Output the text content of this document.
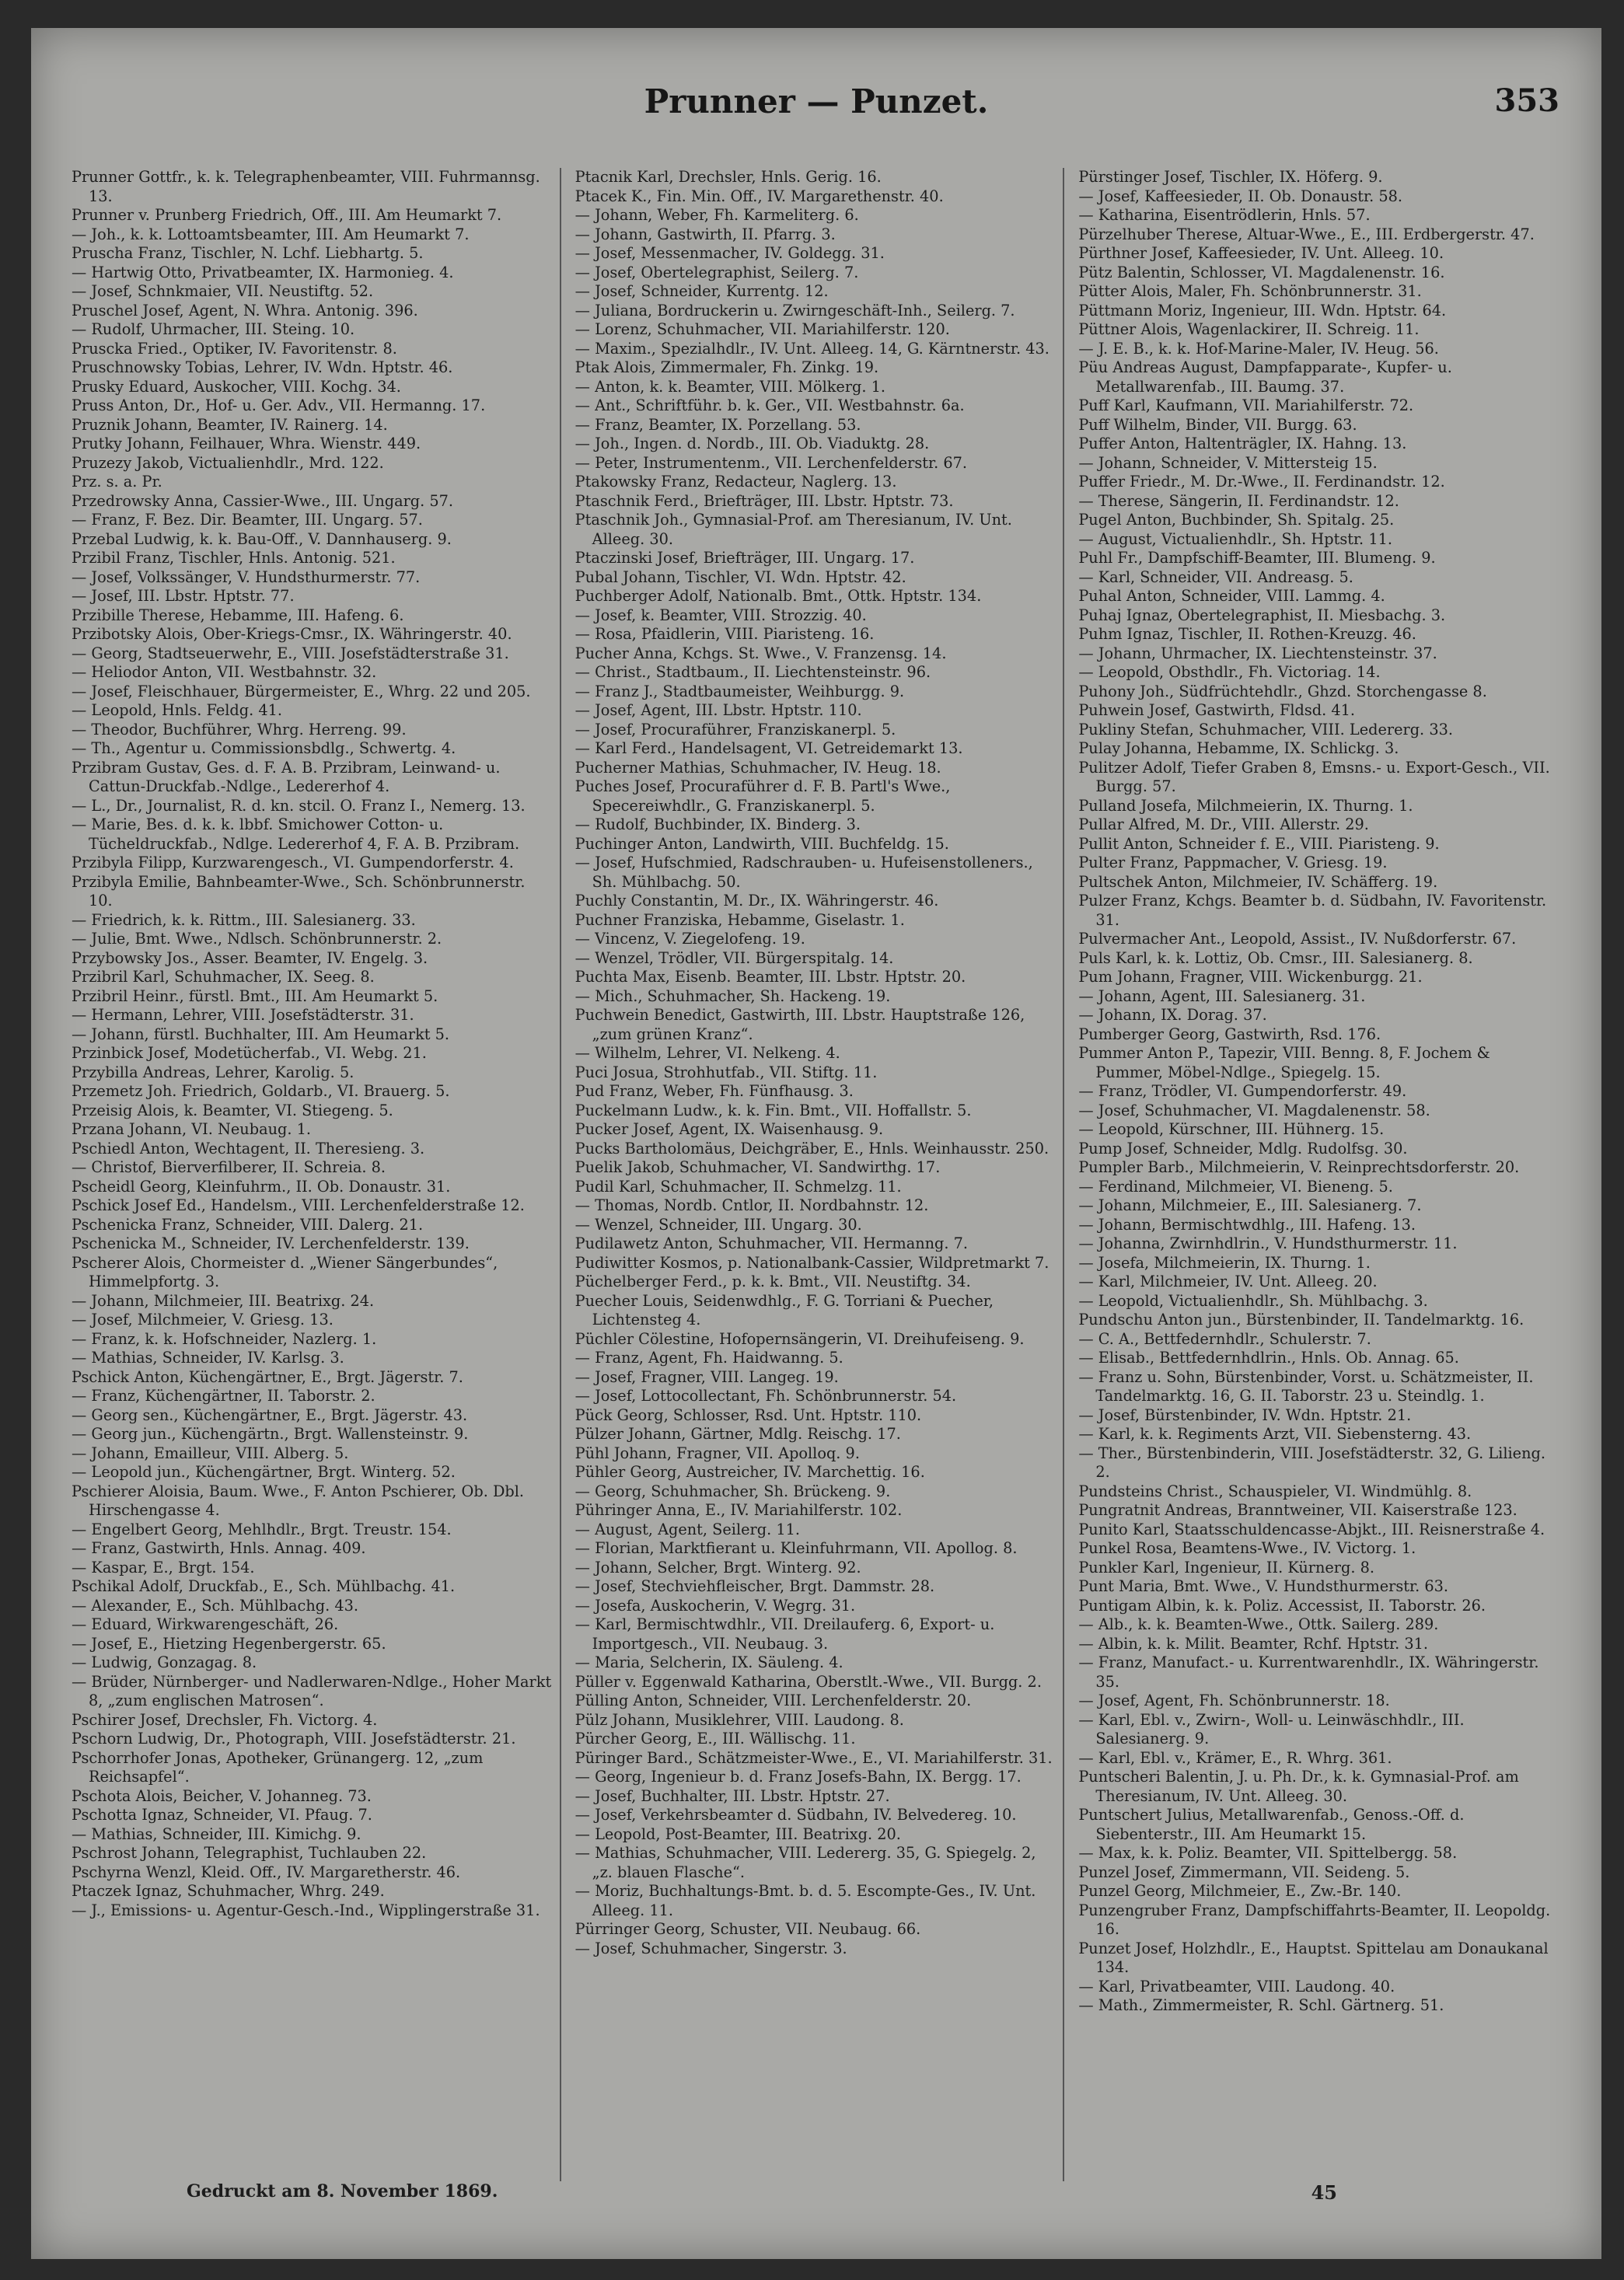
Prunner — Punzet.	353

Prunner Gottfr., k. k. Telegraphenbeamter, VIII. Fuhrmannsg. 13.

Prunner v. Prunberg Friedrich, Off., III. Am Heumarkt 7.

— Joh., k. k. Lottoamtsbeamter, III. Am Heumarkt 7.

Pruscha Franz, Tischler, N. Lchf. Liebhartg. 5.

— Hartwig Otto, Privatbeamter, IX. Harmonieg. 4.

— Josef, Schnkmaier, VII. Neustiftg. 52.

Pruschel Josef, Agent, N. Whra. Antonig. 396.

— Rudolf, Uhrmacher, III. Steing. 10.

Pruscka Fried., Optiker, IV. Favoritenstr. 8.

Pruschnowsky Tobias, Lehrer, IV. Wdn. Hptstr. 46.

Prusky Eduard, Auskocher, VIII. Kochg. 34.

Pruss Anton, Dr., Hof- u. Ger. Adv., VII. Hermanng. 17.

Pruznik Johann, Beamter, IV. Rainerg. 14.

Prutky Johann, Feilhauer, Whra. Wienstr. 449.

Pruzezy Jakob, Victualienhdlr., Mrd. 122.

Prz. s. a. Pr.

Przedrowsky Anna, Cassier-Wwe., III. Ungarg. 57.

— Franz, F. Bez. Dir. Beamter, III. Ungarg. 57.

Przebal Ludwig, k. k. Bau-Off., V. Dannhauserg. 9.

Przibil Franz, Tischler, Hnls. Antonig. 521.

— Josef, Volkssänger, V. Hundsthurmerstr. 77.

— Josef, III. Lbstr. Hptstr. 77.

Przibille Therese, Hebamme, III. Hafeng. 6.

Przibotsky Alois, Ober-Kriegs-Cmsr., IX. Währingerstr. 40.

— Georg, Stadtseuerwehr, E., VIII. Josefstädterstraße 31.

— Heliodor Anton, VII. Westbahnstr. 32.

— Josef, Fleischhauer, Bürgermeister, E., Whrg. 22 und 205.

— Leopold, Hnls. Feldg. 41.

— Theodor, Buchführer, Whrg. Herreng. 99.

— Th., Agentur u. Commissionsbdlg., Schwertg. 4.

Przibram Gustav, Ges. d. F. A. B. Przibram, Leinwand- u. Cattun-Druckfab.-Ndlge., Ledererhof 4.

— L., Dr., Journalist, R. d. kn. stcil. O. Franz I., Nemerg. 13.

— Marie, Bes. d. k. k. lbbf. Smichower Cotton- u. Tücheldruckfab., Ndlge. Ledererhof 4, F. A. B. Przibram.

Przibyla Filipp, Kurzwarengesch., VI. Gumpendorferstr. 4.

Przibyla Emilie, Bahnbeamter-Wwe., Sch. Schönbrunnerstr. 10.

— Friedrich, k. k. Rittm., III. Salesianerg. 33.

— Julie, Bmt. Wwe., Ndlsch. Schönbrunnerstr. 2.

Przybowsky Jos., Asser. Beamter, IV. Engelg. 3.

Przibril Karl, Schuhmacher, IX. Seeg. 8.

Przibril Heinr., fürstl. Bmt., III. Am Heumarkt 5.

— Hermann, Lehrer, VIII. Josefstädterstr. 31.

— Johann, fürstl. Buchhalter, III. Am Heumarkt 5.

Przinbick Josef, Modetücherfab., VI. Webg. 21.

Przybilla Andreas, Lehrer, Karolig. 5.

Przemetz Joh. Friedrich, Goldarb., VI. Brauerg. 5.

Przeisig Alois, k. Beamter, VI. Stiegeng. 5.

Przana Johann, VI. Neubaug. 1.

Pschiedl Anton, Wechtagent, II. Theresieng. 3.

— Christof, Bierverfilberer, II. Schreia. 8.

Pscheidl Georg, Kleinfuhrm., II. Ob. Donaustr. 31.

Pschick Josef Ed., Handelsm., VIII. Lerchenfelderstraße 12.

Pschenicka Franz, Schneider, VIII. Dalerg. 21.

Pschenicka M., Schneider, IV. Lerchenfelderstr. 139.

Pscherer Alois, Chormeister d. „Wiener Sängerbundes“, Himmelpfortg. 3.

— Johann, Milchmeier, III. Beatrixg. 24.

— Josef, Milchmeier, V. Griesg. 13.

— Franz, k. k. Hofschneider, Nazlerg. 1.

— Mathias, Schneider, IV. Karlsg. 3.

Pschick Anton, Küchengärtner, E., Brgt. Jägerstr. 7.

— Franz, Küchengärtner, II. Taborstr. 2.

— Georg sen., Küchengärtner, E., Brgt. Jägerstr. 43.

— Georg jun., Küchengärtn., Brgt. Wallensteinstr. 9.

— Johann, Emailleur, VIII. Alberg. 5.

— Leopold jun., Küchengärtner, Brgt. Winterg. 52.

Pschierer Aloisia, Baum. Wwe., F. Anton Pschierer, Ob. Dbl. Hirschengasse 4.

— Engelbert Georg, Mehlhdlr., Brgt. Treustr. 154.

— Franz, Gastwirth, Hnls. Annag. 409.

— Kaspar, E., Brgt. 154.

Pschikal Adolf, Druckfab., E., Sch. Mühlbachg. 41.

— Alexander, E., Sch. Mühlbachg. 43.

— Eduard, Wirkwarengeschäft, 26.

— Josef, E., Hietzing Hegenbergerstr. 65.

— Ludwig, Gonzagag. 8.

— Brüder, Nürnberger- und Nadlerwaren-Ndlge., Hoher Markt 8, „zum englischen Matrosen“.

Pschirer Josef, Drechsler, Fh. Victorg. 4.

Pschorn Ludwig, Dr., Photograph, VIII. Josefstädterstr. 21.

Pschorrhofer Jonas, Apotheker, Grünangerg. 12, „zum Reichsapfel“.

Pschota Alois, Beicher, V. Johanneg. 73.

Pschotta Ignaz, Schneider, VI. Pfaug. 7.

— Mathias, Schneider, III. Kimichg. 9.

Pschrost Johann, Telegraphist, Tuchlauben 22.

Pschyrna Wenzl, Kleid. Off., IV. Margaretherstr. 46.

Ptaczek Ignaz, Schuhmacher, Whrg. 249.

— J., Emissions- u. Agentur-Gesch.-Ind., Wipplingerstraße 31.

Ptacnik Karl, Drechsler, Hnls. Gerig. 16.

Ptacek K., Fin. Min. Off., IV. Margarethenstr. 40.

— Johann, Weber, Fh. Karmeliterg. 6.

— Johann, Gastwirth, II. Pfarrg. 3.

— Josef, Messenmacher, IV. Goldegg. 31.

— Josef, Obertelegraphist, Seilerg. 7.

— Josef, Schneider, Kurrentg. 12.

— Juliana, Bordruckerin u. Zwirngeschäft-Inh., Seilerg. 7.

— Lorenz, Schuhmacher, VII. Mariahilferstr. 120.

— Maxim., Spezialhdlr., IV. Unt. Alleeg. 14, G. Kärntnerstr. 43.

Ptak Alois, Zimmermaler, Fh. Zinkg. 19.

— Anton, k. k. Beamter, VIII. Mölkerg. 1.

— Ant., Schriftführ. b. k. Ger., VII. Westbahnstr. 6a.

— Franz, Beamter, IX. Porzellang. 53.

— Joh., Ingen. d. Nordb., III. Ob. Viaduktg. 28.

— Peter, Instrumentenm., VII. Lerchenfelderstr. 67.

Ptakowsky Franz, Redacteur, Naglerg. 13.

Ptaschnik Ferd., Briefträger, III. Lbstr. Hptstr. 73.

Ptaschnik Joh., Gymnasial-Prof. am Theresianum, IV. Unt. Alleeg. 30.

Ptaczinski Josef, Briefträger, III. Ungarg. 17.

Pubal Johann, Tischler, VI. Wdn. Hptstr. 42.

Puchberger Adolf, Nationalb. Bmt., Ottk. Hptstr. 134.

— Josef, k. Beamter, VIII. Strozzig. 40.

— Rosa, Pfaidlerin, VIII. Piaristeng. 16.

Pucher Anna, Kchgs. St. Wwe., V. Franzensg. 14.

— Christ., Stadtbaum., II. Liechtensteinstr. 96.

— Franz J., Stadtbaumeister, Weihburgg. 9.

— Josef, Agent, III. Lbstr. Hptstr. 110.

— Josef, Procuraführer, Franziskanerpl. 5.

— Karl Ferd., Handelsagent, VI. Getreidemarkt 13.

Pucherner Mathias, Schuhmacher, IV. Heug. 18.

Puches Josef, Procuraführer d. F. B. Partl's Wwe., Specereiwhdlr., G. Franziskanerpl. 5.

— Rudolf, Buchbinder, IX. Binderg. 3.

Puchinger Anton, Landwirth, VIII. Buchfeldg. 15.

— Josef, Hufschmied, Radschrauben- u. Hufeisenstolleners., Sh. Mühlbachg. 50.

Puchly Constantin, M. Dr., IX. Währingerstr. 46.

Puchner Franziska, Hebamme, Giselastr. 1.

— Vincenz, V. Ziegelofeng. 19.

— Wenzel, Trödler, VII. Bürgerspitalg. 14.

Puchta Max, Eisenb. Beamter, III. Lbstr. Hptstr. 20.

— Mich., Schuhmacher, Sh. Hackeng. 19.

Puchwein Benedict, Gastwirth, III. Lbstr. Hauptstraße 126, „zum grünen Kranz“.

— Wilhelm, Lehrer, VI. Nelkeng. 4.

Puci Josua, Strohhutfab., VII. Stiftg. 11.

Pud Franz, Weber, Fh. Fünfhausg. 3.

Puckelmann Ludw., k. k. Fin. Bmt., VII. Hoffallstr. 5.

Pucker Josef, Agent, IX. Waisenhausg. 9.

Pucks Bartholomäus, Deichgräber, E., Hnls. Weinhausstr. 250.

Puelik Jakob, Schuhmacher, VI. Sandwirthg. 17.

Pudil Karl, Schuhmacher, II. Schmelzg. 11.

— Thomas, Nordb. Cntlor, II. Nordbahnstr. 12.

— Wenzel, Schneider, III. Ungarg. 30.

Pudilawetz Anton, Schuhmacher, VII. Hermanng. 7.

Pudiwitter Kosmos, p. Nationalbank-Cassier, Wildpretmarkt 7.

Püchelberger Ferd., p. k. k. Bmt., VII. Neustiftg. 34.

Puecher Louis, Seidenwdhlg., F. G. Torriani & Puecher, Lichtensteg 4.

Püchler Cölestine, Hofopernsängerin, VI. Dreihufeiseng. 9.

— Franz, Agent, Fh. Haidwanng. 5.

— Josef, Fragner, VIII. Langeg. 19.

— Josef, Lottocollectant, Fh. Schönbrunnerstr. 54.

Pück Georg, Schlosser, Rsd. Unt. Hptstr. 110.

Pülzer Johann, Gärtner, Mdlg. Reischg. 17.

Pühl Johann, Fragner, VII. Apolloq. 9.

Pühler Georg, Austreicher, IV. Marchettig. 16.

— Georg, Schuhmacher, Sh. Brückeng. 9.

Pühringer Anna, E., IV. Mariahilferstr. 102.

— August, Agent, Seilerg. 11.

— Florian, Marktfierant u. Kleinfuhrmann, VII. Apollog. 8.

— Johann, Selcher, Brgt. Winterg. 92.

— Josef, Stechviehfleischer, Brgt. Dammstr. 28.

— Josefa, Auskocherin, V. Wegrg. 31.

— Karl, Bermischtwdhlr., VII. Dreilauferg. 6, Export- u. Importgesch., VII. Neubaug. 3.

— Maria, Selcherin, IX. Säuleng. 4.

Püller v. Eggenwald Katharina, Oberstlt.-Wwe., VII. Burgg. 2.

Pülling Anton, Schneider, VIII. Lerchenfelderstr. 20.

Pülz Johann, Musiklehrer, VIII. Laudong. 8.

Pürcher Georg, E., III. Wällischg. 11.

Püringer Bard., Schätzmeister-Wwe., E., VI. Mariahilferstr. 31.

— Georg, Ingenieur b. d. Franz Josefs-Bahn, IX. Bergg. 17.

— Josef, Buchhalter, III. Lbstr. Hptstr. 27.

— Josef, Verkehrsbeamter d. Südbahn, IV. Belvedereg. 10.

— Leopold, Post-Beamter, III. Beatrixg. 20.

— Mathias, Schuhmacher, VIII. Ledererg. 35, G. Spiegelg. 2, „z. blauen Flasche“.

— Moriz, Buchhaltungs-Bmt. b. d. 5. Escompte-Ges., IV. Unt. Alleeg. 11.

Pürringer Georg, Schuster, VII. Neubaug. 66.

— Josef, Schuhmacher, Singerstr. 3.

Pürstinger Josef, Tischler, IX. Höferg. 9.

— Josef, Kaffeesieder, II. Ob. Donaustr. 58.

— Katharina, Eisentrödlerin, Hnls. 57.

Pürzelhuber Therese, Altuar-Wwe., E., III. Erdbergerstr. 47.

Pürthner Josef, Kaffeesieder, IV. Unt. Alleeg. 10.

Pütz Balentin, Schlosser, VI. Magdalenenstr. 16.

Pütter Alois, Maler, Fh. Schönbrunnerstr. 31.

Püttmann Moriz, Ingenieur, III. Wdn. Hptstr. 64.

Püttner Alois, Wagenlackirer, II. Schreig. 11.

— J. E. B., k. k. Hof-Marine-Maler, IV. Heug. 56.

Püu Andreas August, Dampfapparate-, Kupfer- u. Metallwarenfab., III. Baumg. 37.

Puff Karl, Kaufmann, VII. Mariahilferstr. 72.

Puff Wilhelm, Binder, VII. Burgg. 63.

Puffer Anton, Haltenträgler, IX. Hahng. 13.

— Johann, Schneider, V. Mittersteig 15.

Puffer Friedr., M. Dr.-Wwe., II. Ferdinandstr. 12.

— Therese, Sängerin, II. Ferdinandstr. 12.

Pugel Anton, Buchbinder, Sh. Spitalg. 25.

— August, Victualienhdlr., Sh. Hptstr. 11.

Puhl Fr., Dampfschiff-Beamter, III. Blumeng. 9.

— Karl, Schneider, VII. Andreasg. 5.

Puhal Anton, Schneider, VIII. Lammg. 4.

Puhaj Ignaz, Obertelegraphist, II. Miesbachg. 3.

Puhm Ignaz, Tischler, II. Rothen-Kreuzg. 46.

— Johann, Uhrmacher, IX. Liechtensteinstr. 37.

— Leopold, Obsthdlr., Fh. Victoriag. 14.

Puhony Joh., Südfrüchtehdlr., Ghzd. Storchengasse 8.

Puhwein Josef, Gastwirth, Fldsd. 41.

Pukliny Stefan, Schuhmacher, VIII. Ledererg. 33.

Pulay Johanna, Hebamme, IX. Schlickg. 3.

Pulitzer Adolf, Tiefer Graben 8, Emsns.- u. Export-Gesch., VII. Burgg. 57.

Pulland Josefa, Milchmeierin, IX. Thurng. 1.

Pullar Alfred, M. Dr., VIII. Allerstr. 29.

Pullit Anton, Schneider f. E., VIII. Piaristeng. 9.

Pulter Franz, Pappmacher, V. Griesg. 19.

Pultschek Anton, Milchmeier, IV. Schäfferg. 19.

Pulzer Franz, Kchgs. Beamter b. d. Südbahn, IV. Favoritenstr. 31.

Pulvermacher Ant., Leopold, Assist., IV. Nußdorferstr. 67.

Puls Karl, k. k. Lottiz, Ob. Cmsr., III. Salesianerg. 8.

Pum Johann, Fragner, VIII. Wickenburgg. 21.

— Johann, Agent, III. Salesianerg. 31.

— Johann, IX. Dorag. 37.

Pumberger Georg, Gastwirth, Rsd. 176.

Pummer Anton P., Tapezir, VIII. Benng. 8, F. Jochem & Pummer, Möbel-Ndlge., Spiegelg. 15.

— Franz, Trödler, VI. Gumpendorferstr. 49.

— Josef, Schuhmacher, VI. Magdalenenstr. 58.

— Leopold, Kürschner, III. Hühnerg. 15.

Pump Josef, Schneider, Mdlg. Rudolfsg. 30.

Pumpler Barb., Milchmeierin, V. Reinprechtsdorferstr. 20.

— Ferdinand, Milchmeier, VI. Bieneng. 5.

— Johann, Milchmeier, E., III. Salesianerg. 7.

— Johann, Bermischtwdhlg., III. Hafeng. 13.

— Johanna, Zwirnhdlrin., V. Hundsthurmerstr. 11.

— Josefa, Milchmeierin, IX. Thurng. 1.

— Karl, Milchmeier, IV. Unt. Alleeg. 20.

— Leopold, Victualienhdlr., Sh. Mühlbachg. 3.

Pundschu Anton jun., Bürstenbinder, II. Tandelmarktg. 16.

— C. A., Bettfedernhdlr., Schulerstr. 7.

— Elisab., Bettfedernhdlrin., Hnls. Ob. Annag. 65.

— Franz u. Sohn, Bürstenbinder, Vorst. u. Schätzmeister, II. Tandelmarktg. 16, G. II. Taborstr. 23 u. Steindlg. 1.

— Josef, Bürstenbinder, IV. Wdn. Hptstr. 21.

— Karl, k. k. Regiments Arzt, VII. Siebensterng. 43.

— Ther., Bürstenbinderin, VIII. Josefstädterstr. 32, G. Lilieng. 2.

Pundsteins Christ., Schauspieler, VI. Windmühlg. 8.

Pungratnit Andreas, Branntweiner, VII. Kaiserstraße 123.

Punito Karl, Staatsschuldencasse-Abjkt., III. Reisnerstraße 4.

Punkel Rosa, Beamtens-Wwe., IV. Victorg. 1.

Punkler Karl, Ingenieur, II. Kürnerg. 8.

Punt Maria, Bmt. Wwe., V. Hundsthurmerstr. 63.

Puntigam Albin, k. k. Poliz. Accessist, II. Taborstr. 26.

— Alb., k. k. Beamten-Wwe., Ottk. Sailerg. 289.

— Albin, k. k. Milit. Beamter, Rchf. Hptstr. 31.

— Franz, Manufact.- u. Kurrentwarenhdlr., IX. Währingerstr. 35.

— Josef, Agent, Fh. Schönbrunnerstr. 18.

— Karl, Ebl. v., Zwirn-, Woll- u. Leinwäschhdlr., III. Salesianerg. 9.

— Karl, Ebl. v., Krämer, E., R. Whrg. 361.

Puntscheri Balentin, J. u. Ph. Dr., k. k. Gymnasial-Prof. am Theresianum, IV. Unt. Alleeg. 30.

Puntschert Julius, Metallwarenfab., Genoss.-Off. d. Siebenterstr., III. Am Heumarkt 15.

— Max, k. k. Poliz. Beamter, VII. Spittelbergg. 58.

Punzel Josef, Zimmermann, VII. Seideng. 5.

Punzel Georg, Milchmeier, E., Zw.-Br. 140.

Punzengruber Franz, Dampfschiffahrts-Beamter, II. Leopoldg. 16.

Punzet Josef, Holzhdlr., E., Hauptst. Spittelau am Donaukanal 134.

— Karl, Privatbeamter, VIII. Laudong. 40.

— Math., Zimmermeister, R. Schl. Gärtnerg. 51.

Gedruckt am 8. November 1869.	45
